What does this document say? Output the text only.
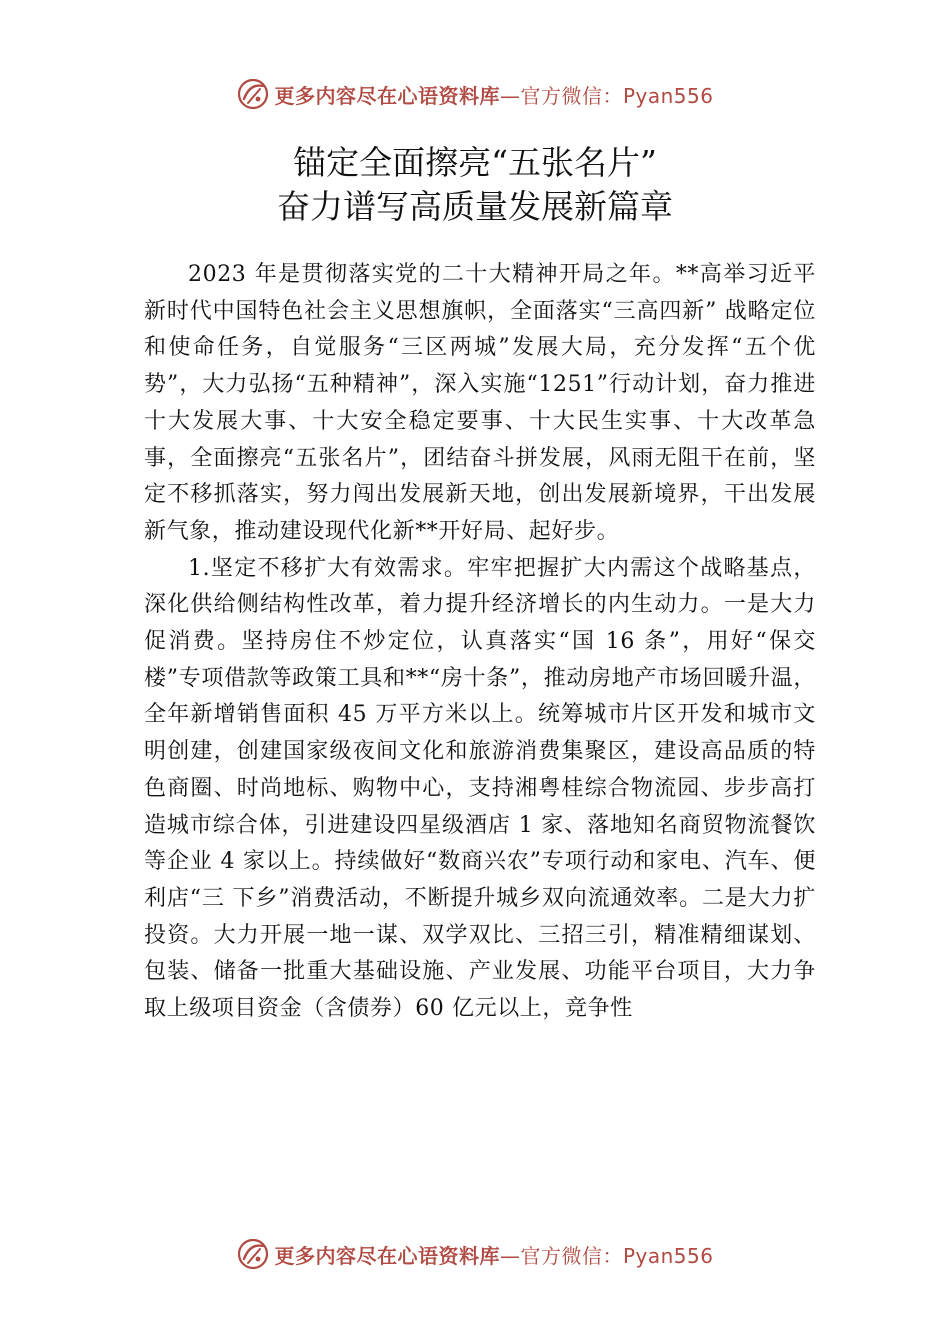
更多内容尽在心语资料库—官方微信：Pyan556
锚定全面擦亮“五张名片”
奋力谱写高质量发展新篇章

2023 年是贯彻落实党的二十大精神开局之年。**高举习近平新时代中国特色社会主义思想旗帜，全面落实“三高四新” 战略定位和使命任务，自觉服务“三区两城”发展大局，充分发挥“五个优势”，大力弘扬“五种精神”，深入实施“1251”行动计划，奋力推进十大发展大事、十大安全稳定要事、十大民生实事、十大改革急事，全面擦亮“五张名片”，团结奋斗拼发展，风雨无阻干在前，坚定不移抓落实，努力闯出发展新天地，创出发展新境界，干出发展新气象，推动建设现代化新**开好局、起好步。

1.坚定不移扩大有效需求。牢牢把握扩大内需这个战略基点，深化供给侧结构性改革，着力提升经济增长的内生动力。一是大力促消费。坚持房住不炒定位，认真落实“国 16 条”，用好“保交楼”专项借款等政策工具和**“房十条”，推动房地产市场回暖升温，全年新增销售面积 45 万平方米以上。统筹城市片区开发和城市文明创建，创建国家级夜间文化和旅游消费集聚区，建设高品质的特色商圈、时尚地标、购物中心，支持湘粤桂综合物流园、步步高打造城市综合体，引进建设四星级酒店 1 家、落地知名商贸物流餐饮等企业 4 家以上。持续做好“数商兴农”专项行动和家电、汽车、便利店“三 下乡”消费活动，不断提升城乡双向流通效率。二是大力扩投资。大力开展一地一谋、双学双比、三招三引，精准精细谋划、包装、储备一批重大基础设施、产业发展、功能平台项目，大力争取上级项目资金（含债券）60 亿元以上，竞争性

更多内容尽在心语资料库—官方微信：Pyan556
